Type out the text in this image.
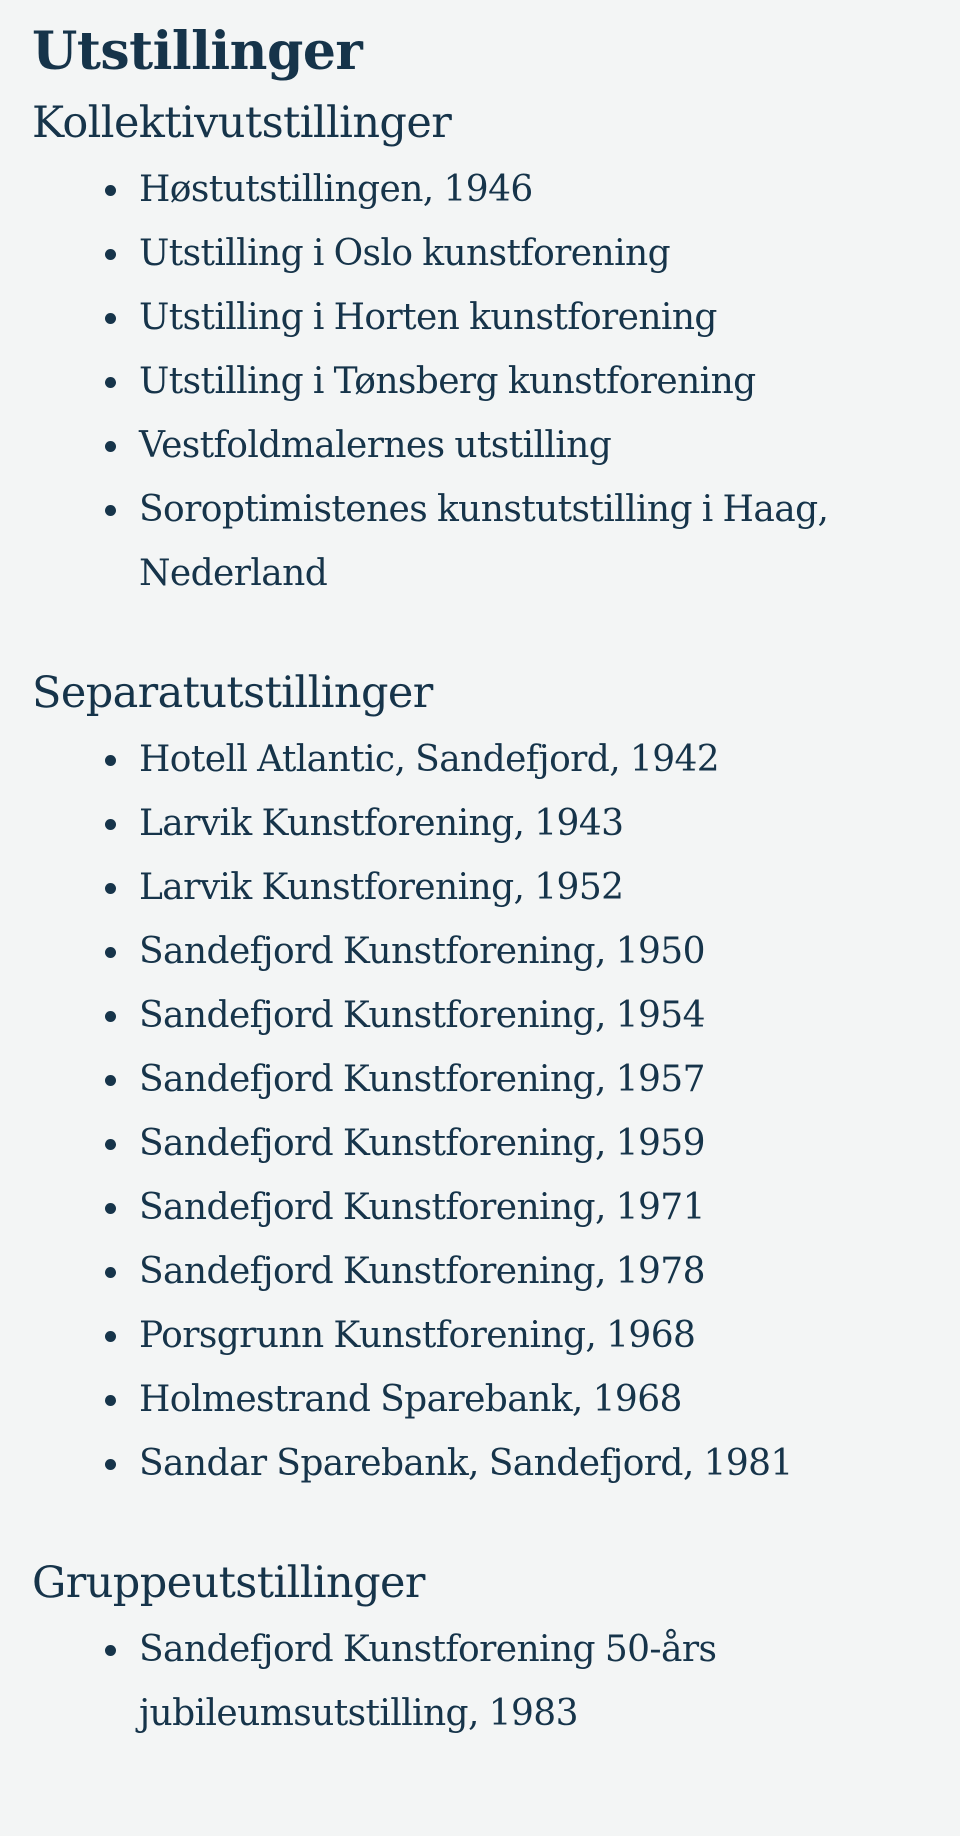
Utstillinger
Kollektivutstillinger
Høstutstillingen, 1946
Utstilling i Oslo kunstforening
Utstilling i Horten kunstforening
Utstilling i Tønsberg kunstforening
Vestfoldmalernes utstilling
Soroptimistenes kunstutstilling i Haag, Nederland
Separatutstillinger
Hotell Atlantic, Sandefjord, 1942
Larvik Kunstforening, 1943
Larvik Kunstforening, 1952
Sandefjord Kunstforening, 1950
Sandefjord Kunstforening, 1954
Sandefjord Kunstforening, 1957
Sandefjord Kunstforening, 1959
Sandefjord Kunstforening, 1971
Sandefjord Kunstforening, 1978
Porsgrunn Kunstforening, 1968
Holmestrand Sparebank, 1968
Sandar Sparebank, Sandefjord, 1981
Gruppeutstillinger
Sandefjord Kunstforening 50-års jubileumsutstilling, 1983
